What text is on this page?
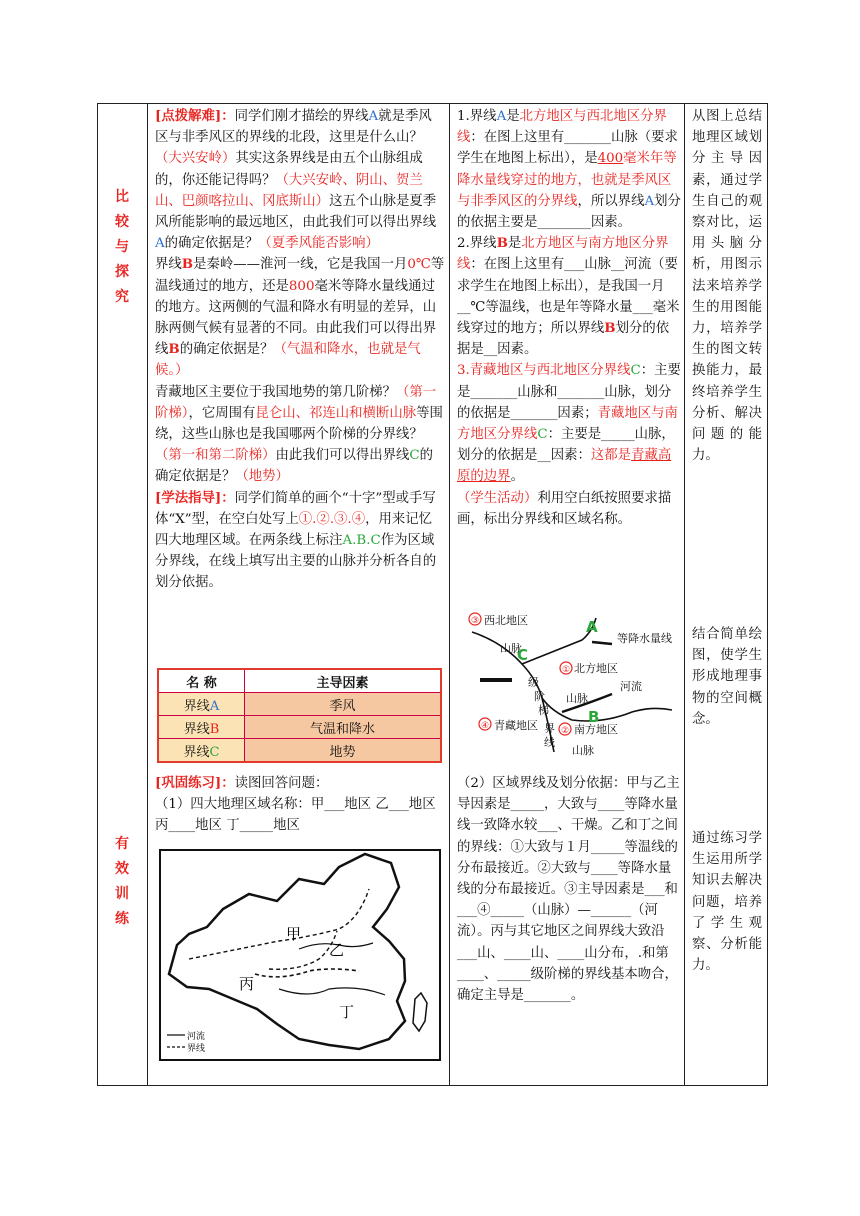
比
较
与
探
究
有
效
训
练
[点拨解难]：同学们刚才描绘的界线A就是季风区与非季风区的界线的北段，这里是什么山？（大兴安岭）其实这条界线是由五个山脉组成的，你还能记得吗？（大兴安岭、阴山、贺兰山、巴颜喀拉山、冈底斯山）这五个山脉是夏季风所能影响的最远地区，由此我们可以得出界线A的确定依据是？（夏季风能否影响）
界线B是秦岭——淮河一线，它是我国一月0℃等温线通过的地方，还是800毫米等降水量线通过的地方。这两侧的气温和降水有明显的差异，山脉两侧气候有显著的不同。由此我们可以得出界线B的确定依据是？（气温和降水，也就是气候。）
青藏地区主要位于我国地势的第几阶梯？（第一阶梯），它周围有昆仑山、祁连山和横断山脉等围绕，这些山脉也是我国哪两个阶梯的分界线？（第一和第二阶梯）由此我们可以得出界线C的确定依据是？（地势）
[学法指导]：同学们简单的画个“十字”型或手写体“X”型，在空白处写上①.②.③.④，用来记忆四大地理区域。在两条线上标注A.B.C作为区域分界线，在线上填写出主要的山脉并分析各自的划分依据。
名 称	主导因素
界线A	季风
界线B	气温和降水
界线C	地势
[巩固练习]：读图回答问题：
（1）四大地理区域名称：甲___地区 乙___地区 丙____地区 丁_____地区
甲
乙
丙
丁
河流
界线
1.界线A是北方地区与西北地区分界线：在图上这里有_______山脉（要求学生在地图上标出），是400毫米年等降水量线穿过的地方，也就是季风区与非季风区的分界线，所以界线A划分的依据主要是________因素。
2.界线B是北方地区与南方地区分界线：在图上这里有___山脉__河流（要求学生在地图上标出），是我国一月__℃等温线，也是年等降水量___毫米线穿过的地方；所以界线B划分的依据是__因素。
3.青藏地区与西北地区分界线C：主要是_______山脉和_______山脉，划分的依据是_______因素；青藏地区与南方地区分界线C：主要是_____山脉，划分的依据是__因素：这都是青藏高原的边界。
（学生活动）利用空白纸按照要求描画，标出分界线和区域名称。
③ 西北地区	A
等降水量线
山脉
C
① 北方地区
级
阶
梯
河流
山脉
B
④ 青藏地区 界
线
② 南方地区
山脉
（2）区域界线及划分依据：甲与乙主导因素是_____，大致与____等降水量线一致降水较___、干燥。乙和丁之间的界线：①大致与１月_____等温线的分布最接近。②大致与____等降水量线的分布最接近。③主导因素是___和___④_____（山脉）—______（河流）。丙与其它地区之间界线大致沿___山、____山、____山分布，.和第____、_____级阶梯的界线基本吻合，确定主导是_______。
从图上总结地理区域划分主导因素，通过学生自己的观察对比，运用头脑分析，用图示法来培养学生的用图能力，培养学生的图文转换能力，最终培养学生分析、解决问题的能力。
结合简单绘图，使学生形成地理事物的空间概念。
通过练习学生运用所学知识去解决问题，培养了学生观察、分析能力。
